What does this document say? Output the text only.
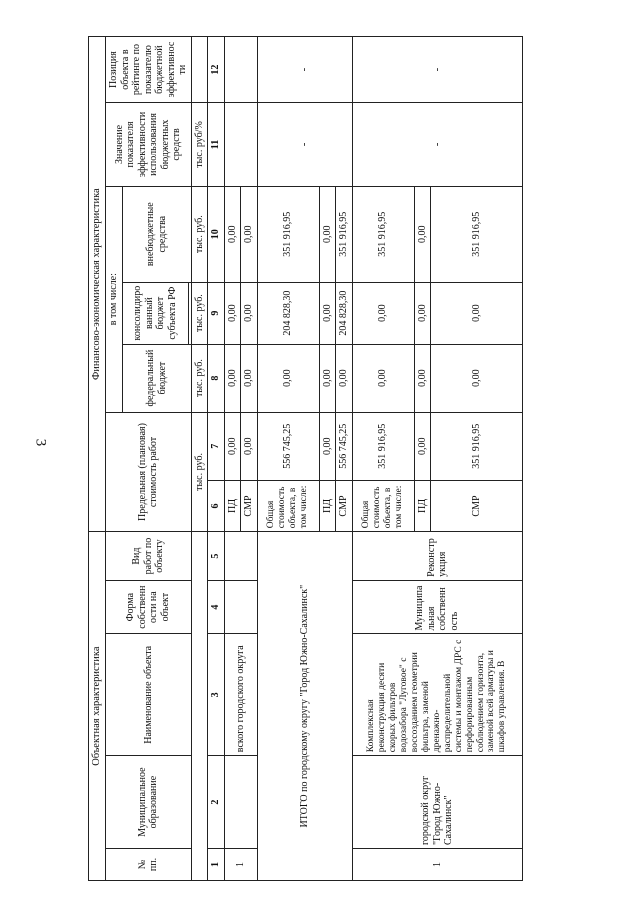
3
Объектная характеристика					Финансово-экономическая характеристика						
№ пп.	Муниципальное образование	Наименование объекта	Форма собственности на объект	Вид работ по объекту	Предельная (плановая) стоимость работ		в том числе:			Значение показателя эффективности использования бюджетных средств	Позиция объекта в рейтинге по показателю бюджетной эффективности
							федеральный бюджет	консолидированный бюджет субъекта РФ	внебюджетные средства		

					тыс. руб.		тыс. руб.	тыс. руб.	тыс. руб.	тыс. руб/%	
1	2	3	4	5	6	7	8	9	10	11	12
1		вского городского округа			ПД	0,00	0,00	0,00	0,00		
					СМР	0,00	0,00	0,00	0,00		
ИТОГО по городскому округу "Город Южно-Сахалинск"					Общая стоимость объекта, в том числе:	556 745,25	0,00	204 828,30	351 916,95	-	-
					ПД	0,00	0,00	0,00	0,00		
					СМР	556 745,25	0,00	204 828,30	351 916,95		
1	городской округ "Город Южно-Сахалинск"	Комплексная реконструкция десяти скорых фильтров водозабора "Луговое" с воссозданием геометрии фильтра, заменой дренажно-распределительной системы и монтажом ДРС с перфорированным соблюдением горизонта, заменой всей арматуры и шкафов управления. В	Муниципальная собственность	Реконструкция	Общая стоимость объекта, в том числе:	351 916,95	0,00	0,00	351 916,95	-	-
					ПД	0,00	0,00	0,00	0,00		
					СМР	351 916,95	0,00	0,00	351 916,95		
